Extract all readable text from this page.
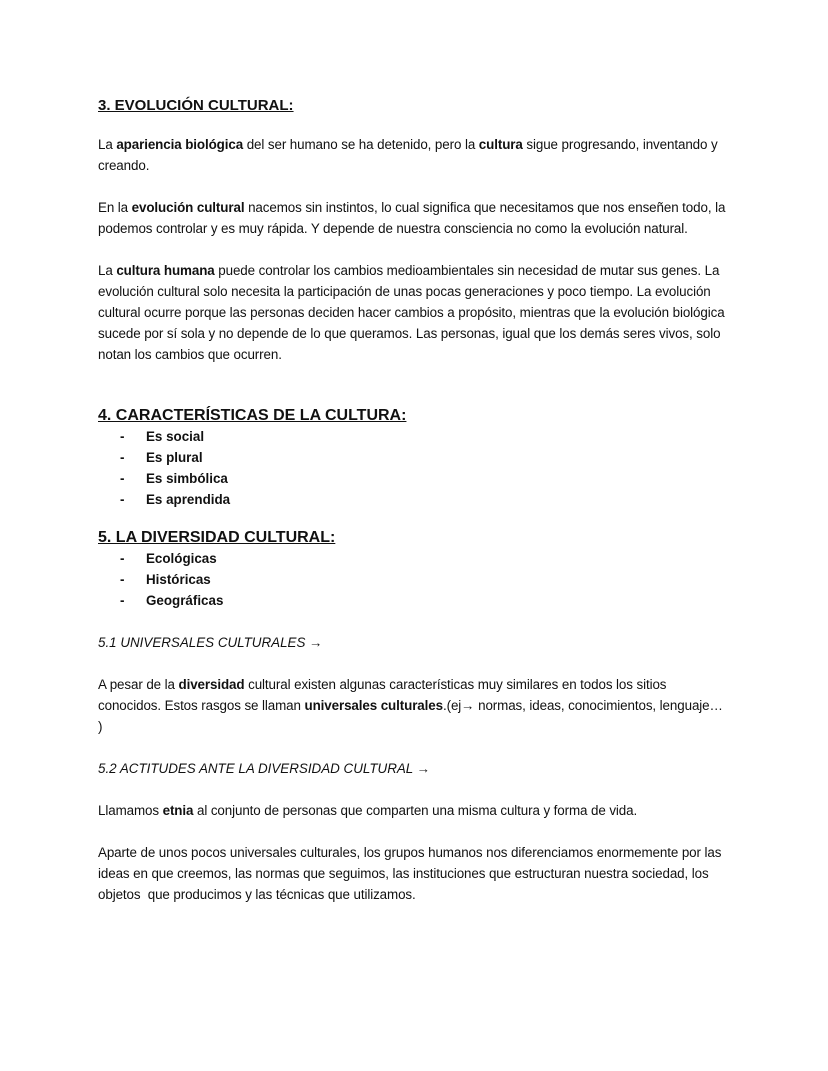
3. EVOLUCIÓN CULTURAL:

La apariencia biológica del ser humano se ha detenido, pero la cultura sigue progresando, inventando y creando.

En la evolución cultural nacemos sin instintos, lo cual significa que necesitamos que nos enseñen todo, la podemos controlar y es muy rápida. Y depende de nuestra consciencia no como la evolución natural.

La cultura humana puede controlar los cambios medioambientales sin necesidad de mutar sus genes. La evolución cultural solo necesita la participación de unas pocas generaciones y poco tiempo. La evolución cultural ocurre porque las personas deciden hacer cambios a propósito, mientras que la evolución biológica sucede por sí sola y no depende de lo que queramos. Las personas, igual que los demás seres vivos, solo notan los cambios que ocurren.

4. CARACTERÍSTICAS DE LA CULTURA:
- Es social
- Es plural
- Es simbólica
- Es aprendida
5. LA DIVERSIDAD CULTURAL:
- Ecológicas
- Históricas
- Geográficas

5.1 UNIVERSALES CULTURALES →

A pesar de la diversidad cultural existen algunas características muy similares en todos los sitios conocidos. Estos rasgos se llaman universales culturales.(ej→ normas, ideas, conocimientos, lenguaje… )

5.2 ACTITUDES ANTE LA DIVERSIDAD CULTURAL →

Llamamos etnia al conjunto de personas que comparten una misma cultura y forma de vida.

Aparte de unos pocos universales culturales, los grupos humanos nos diferenciamos enormemente por las ideas en que creemos, las normas que seguimos, las instituciones que estructuran nuestra sociedad, los objetos  que producimos y las técnicas que utilizamos.
